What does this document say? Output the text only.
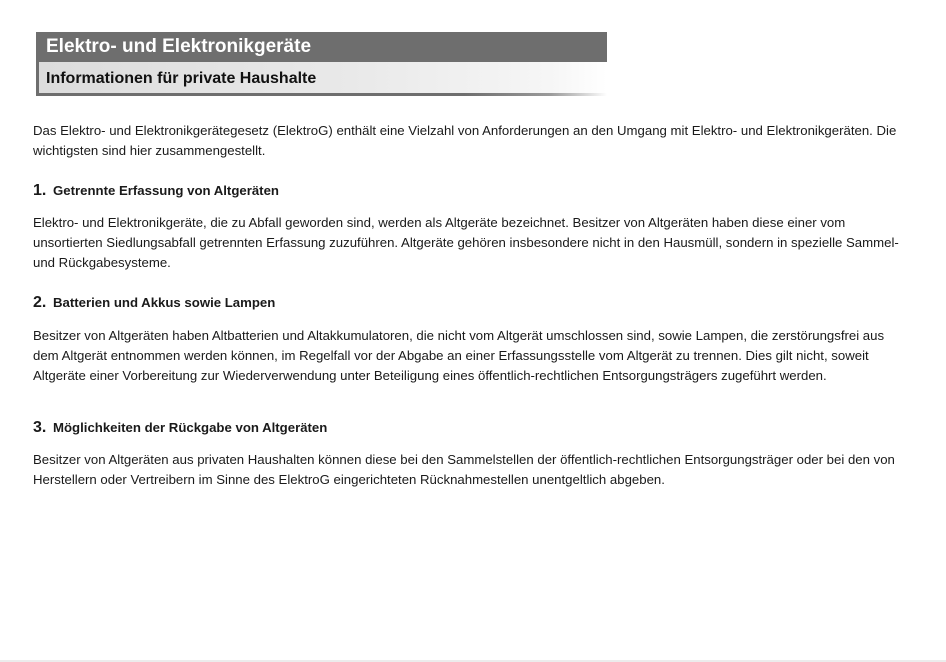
Elektro- und Elektronikgeräte
Informationen für private Haushalte

Das Elektro- und Elektronikgerätegesetz (ElektroG) enthält eine Vielzahl von Anforderungen an den Umgang mit Elektro- und Elektronikgeräten. Die wichtigsten sind hier zusammengestellt.

1. Getrennte Erfassung von Altgeräten

Elektro- und Elektronikgeräte, die zu Abfall geworden sind, werden als Altgeräte bezeichnet. Besitzer von Altgeräten haben diese einer vom unsortierten Siedlungsabfall getrennten Erfassung zuzuführen. Altgeräte gehören insbesondere nicht in den Hausmüll, sondern in spezielle Sammel- und Rückgabesysteme.

2. Batterien und Akkus sowie Lampen

Besitzer von Altgeräten haben Altbatterien und Altakkumulatoren, die nicht vom Altgerät umschlossen sind, sowie Lampen, die zerstörungsfrei aus dem Altgerät entnommen werden können, im Regelfall vor der Abgabe an einer Erfassungsstelle vom Altgerät zu trennen. Dies gilt nicht, soweit Altgeräte einer Vorbereitung zur Wiederverwendung unter Beteiligung eines öffentlich-rechtlichen Entsorgungsträgers zugeführt werden.

3. Möglichkeiten der Rückgabe von Altgeräten

Besitzer von Altgeräten aus privaten Haushalten können diese bei den Sammelstellen der öffentlich-rechtlichen Entsorgungsträger oder bei den von Herstellern oder Vertreibern im Sinne des ElektroG eingerichteten Rücknahmestellen unentgeltlich abgeben.
